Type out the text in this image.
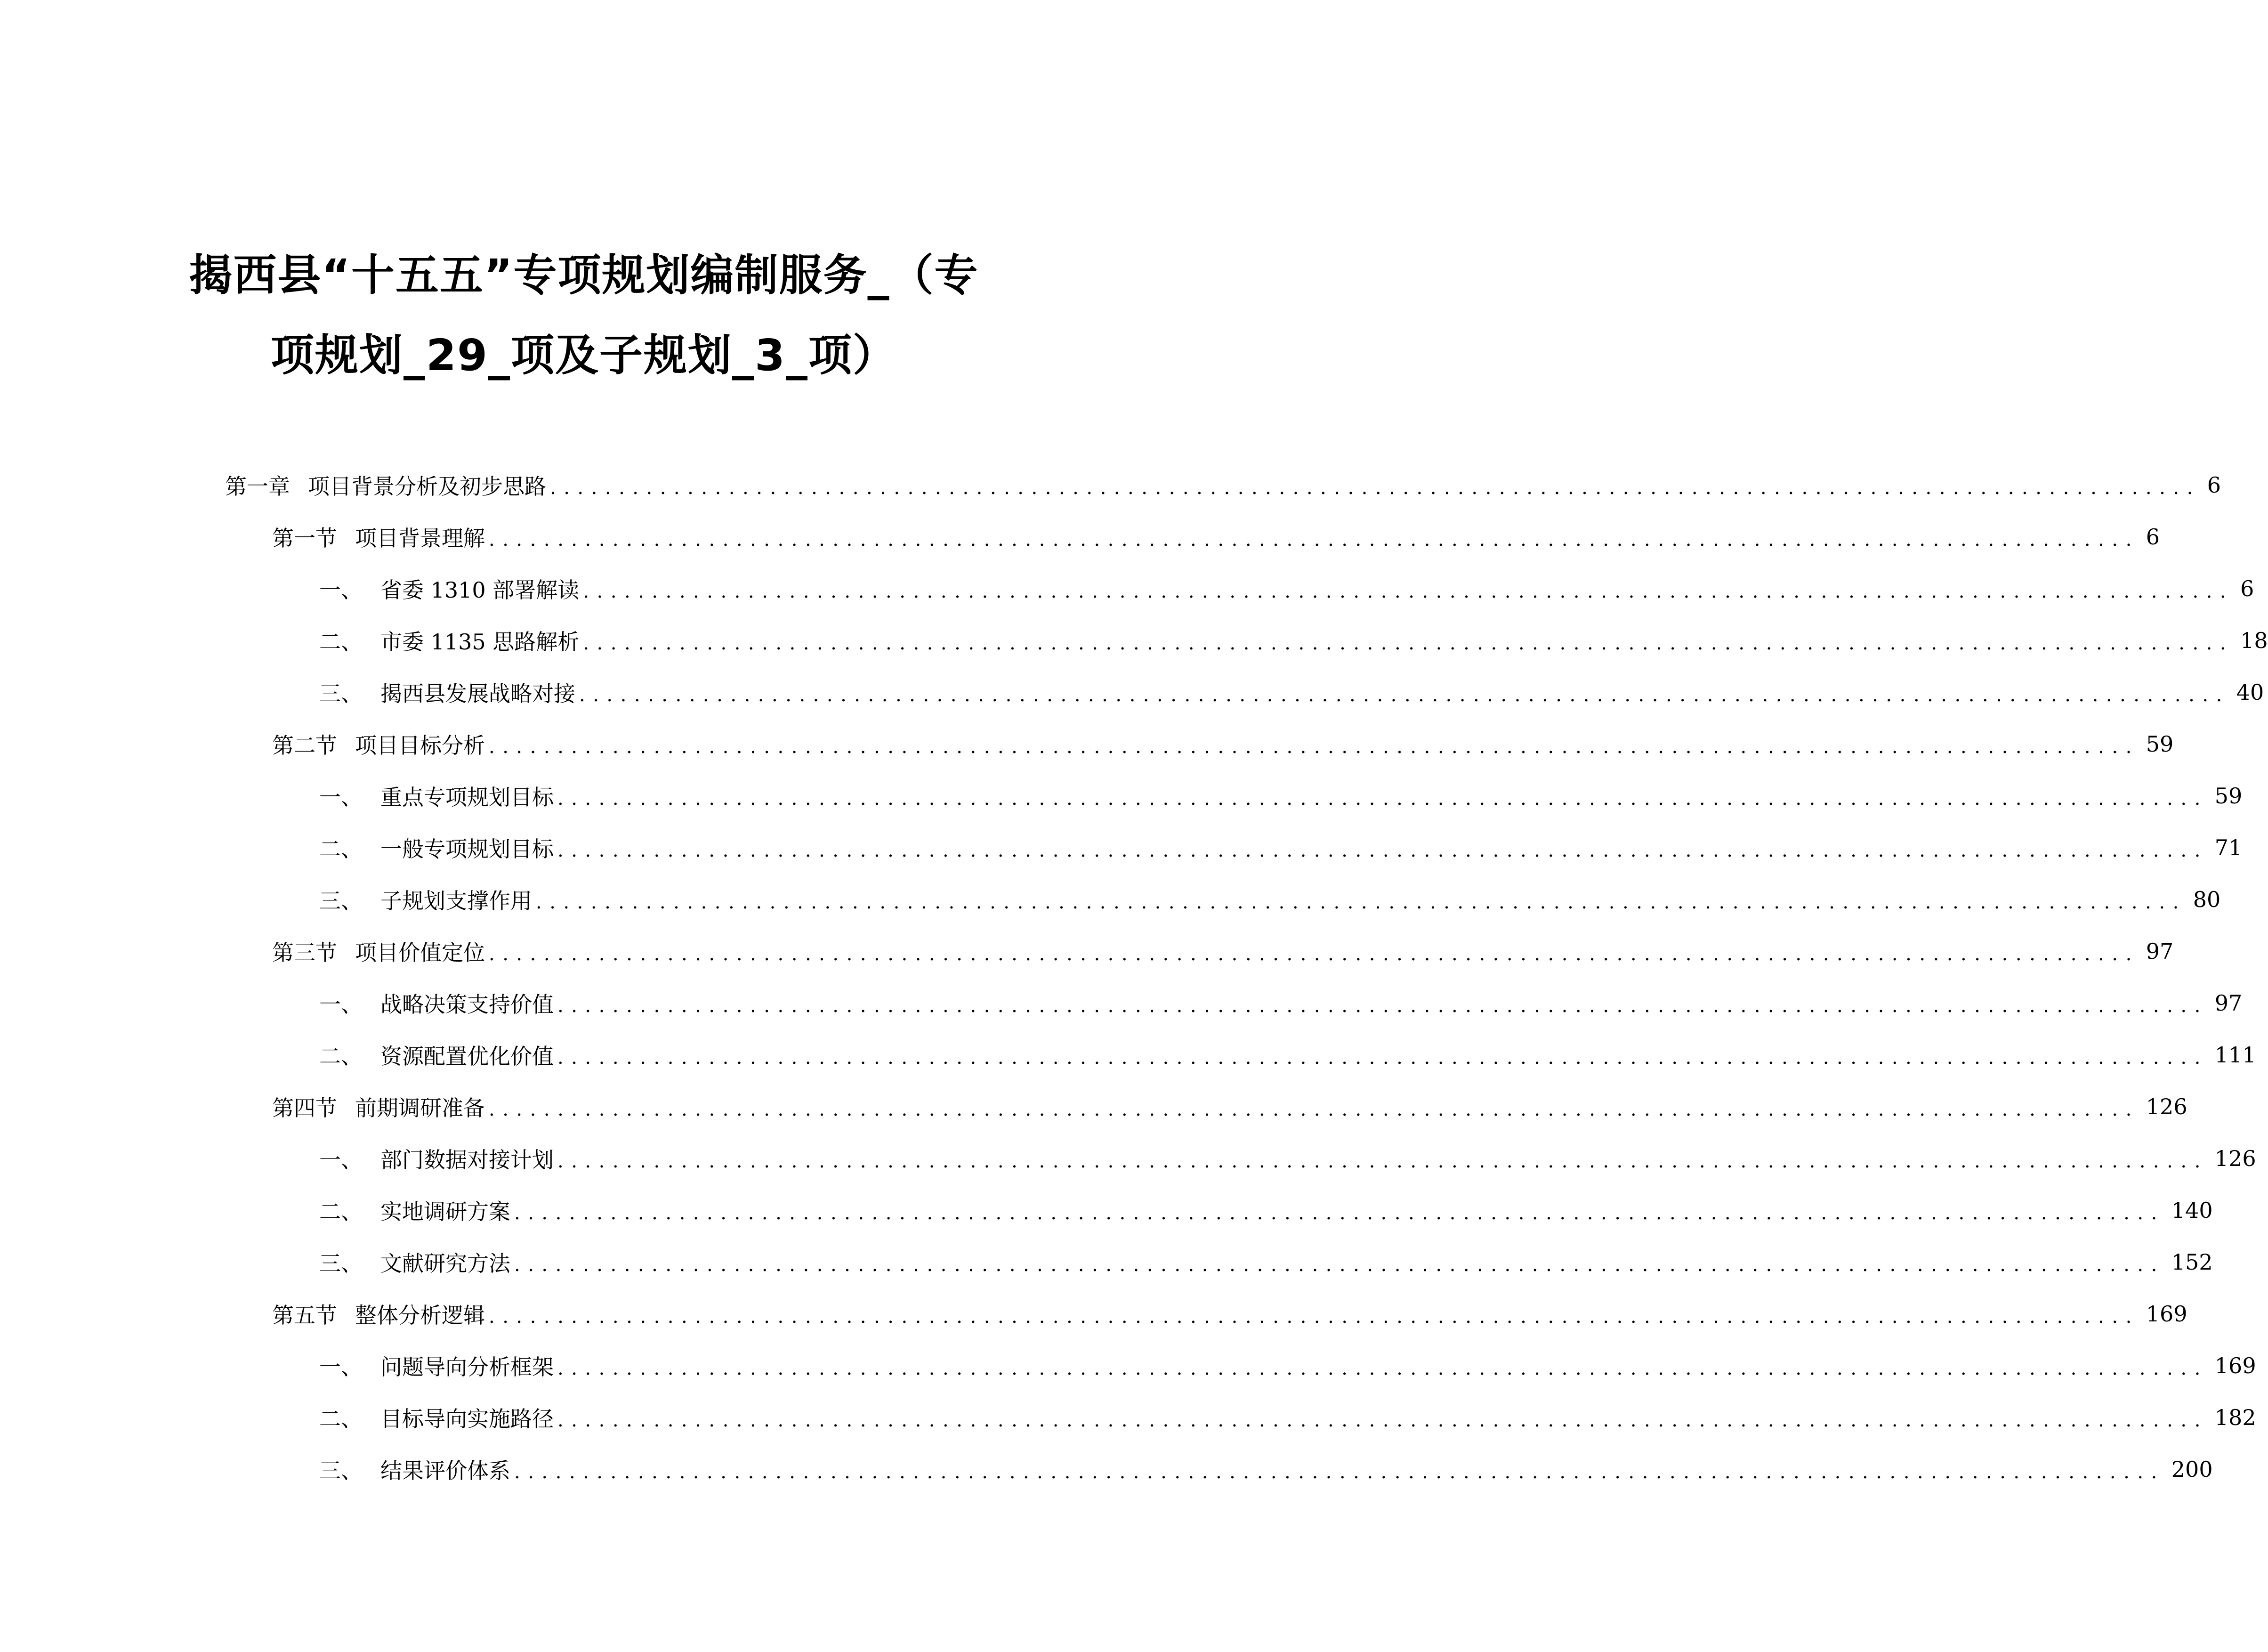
揭西县“十五五”专项规划编制服务_（专
项规划_29_项及子规划_3_项）
第一章 项目背景分析及初步思路 ........................................................................................................................ 6
第一节 项目背景理解 ........................................................................................................................ 6
一、 省委 1310 部署解读 ........................................................................................................................ 6
二、 市委 1135 思路解析 ........................................................................................................................ 18
三、 揭西县发展战略对接 ........................................................................................................................ 40
第二节 项目目标分析 ........................................................................................................................ 59
一、 重点专项规划目标 ........................................................................................................................ 59
二、 一般专项规划目标 ........................................................................................................................ 71
三、 子规划支撑作用 ........................................................................................................................ 80
第三节 项目价值定位 ........................................................................................................................ 97
一、 战略决策支持价值 ........................................................................................................................ 97
二、 资源配置优化价值 ........................................................................................................................ 111
第四节 前期调研准备 ........................................................................................................................ 126
一、 部门数据对接计划 ........................................................................................................................ 126
二、 实地调研方案 ........................................................................................................................ 140
三、 文献研究方法 ........................................................................................................................ 152
第五节 整体分析逻辑 ........................................................................................................................ 169
一、 问题导向分析框架 ........................................................................................................................ 169
二、 目标导向实施路径 ........................................................................................................................ 182
三、 结果评价体系 ........................................................................................................................ 200
